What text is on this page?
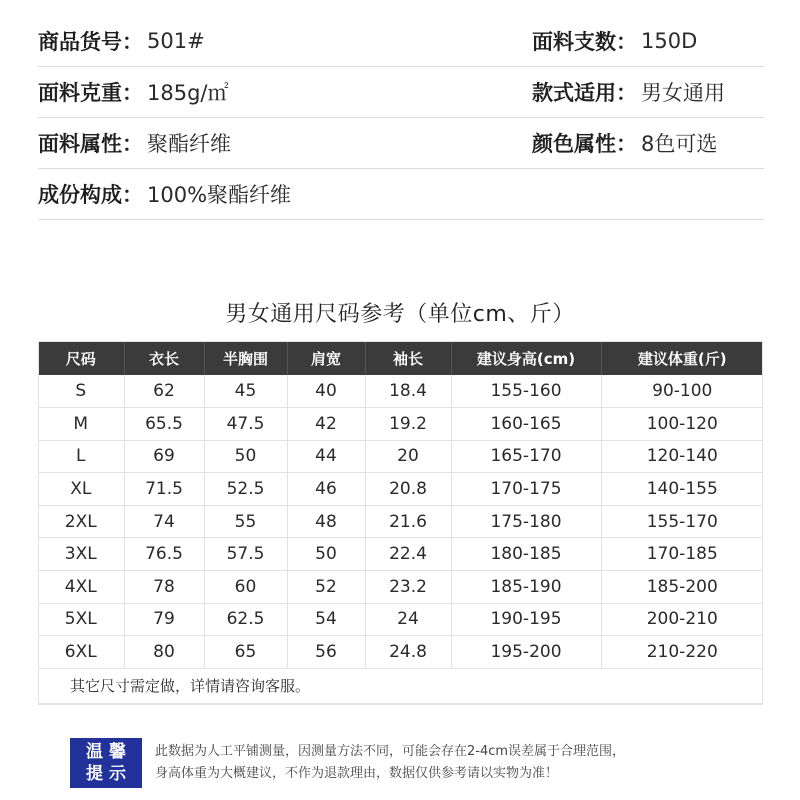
商品货号 ： 501#	面料支数 ： 150D
面料克重 ： 185g/㎡	款式适用 ： 男女通用
面料属性 ： 聚酯纤维	颜色属性 ： 8色可选
成份构成 ： 100%聚酯纤维
男女通用尺码参考（单位cm、斤）
尺码	衣长	半胸围	肩宽	袖长	建议身高(cm)	建议体重(斤)
S	62	45	40	18.4	155-160	90-100
M	65.5	47.5	42	19.2	160-165	100-120
L	69	50	44	20	165-170	120-140
XL	71.5	52.5	46	20.8	170-175	140-155
2XL	74	55	48	21.6	175-180	155-170
3XL	76.5	57.5	50	22.4	180-185	170-185
4XL	78	60	52	23.2	185-190	185-200
5XL	79	62.5	54	24	190-195	200-210
6XL	80	65	56	24.8	195-200	210-220
其它尺寸需定做，详情请咨询客服。						
温馨
提示
此数据为人工平铺测量，因测量方法不同，可能会存在2-4cm误差属于合理范围，
身高体重为大概建议，不作为退款理由，数据仅供参考请以实物为准！
